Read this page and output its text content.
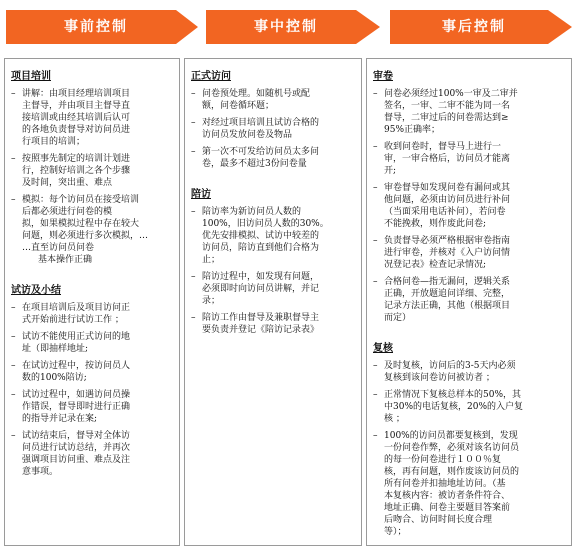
事前控制	事中控制	事后控制
项目培训
– 讲解：由项目经理培训项目
主督导，并由项目主督导直
接培训或由经其培训后认可
的各地负责督导对访问员进
行项目的培训；
– 按照事先制定的培训计划进
行，控制好培训之各个步骤
及时间，突出重、难点
– 模拟：每个访问员在接受培训
后都必须进行问卷的模
拟，如果模拟过程中存在较大
问题，则必须进行多次模拟，…
…直至访问员问卷
基本操作正确
试访及小结
– 在项目培训后及项目访问正
式开始前进行试访工作 ；
– 试访不能使用正式访问的地
址（即抽样地址;
– 在试访过程中，按访问员人
数的100%陪访;
– 试访过程中，如遇访问员操
作错误，督导即时进行正确
的指导并记录在案;
– 试访结束后，督导对全体访
问员进行试访总结，并再次
强调项目访问重、难点及注
意事项。
正式访问
– 问卷预处理。如随机号或配
额，问卷循环题；
– 对经过项目培训且试访合格的
访问员发放问卷及物品
– 第一次不可发给访问员太多问
卷，最多不超过3份问卷量
陪访
– 陪访率为新访问员人数的
100%，旧访问员人数的30%。
优先安排模拟、试访中较差的
访问员，陪访直到他们合格为
止；
– 陪访过程中，如发现有问题，
必须即时向访问员讲解，并记
录；
– 陪访工作由督导及兼职督导主
要负责并登记《陪访记录表》
审卷
– 问卷必须经过100%一审及二审并
签名，一审、二审不能为同一名
督导，二审过后的问卷需达到≥
95%正确率；
– 收到问卷时，督导马上进行一
审，一审合格后，访问员才能离
开;
– 审卷督导如发现问卷有漏问或其
他问题，必须由访问员进行补问
（当面采用电话补问），若问卷
不能挽救，则作废此问卷;
– 负责督导必须严格根据审卷指南
进行审卷，并核对《入户访问情
况登记表》检查记录情况;
– 合格问卷—指无漏问，逻辑关系
正确，开放题追问详细、完整，
记录方法正确，其他（根据项目
而定）
复核
– 及时复核，访问后的3-5天内必须
复核到该问卷访问被访者 ；
– 正常情况下复核总样本的50%，其
中30%的电话复核，20%的入户复
核 ；
– 100%的访问员都要复核到，发现
一份问卷作弊，必须对该名访问员
的每一份问卷进行１００％复
核，再有问题，则作废该访问员的
所有问卷并扣抽地址访问。（基
本复核内容：被访者条件符合、
地址正确、问卷主要题目答案前
后吻合、访问时间长度合理
等）；
